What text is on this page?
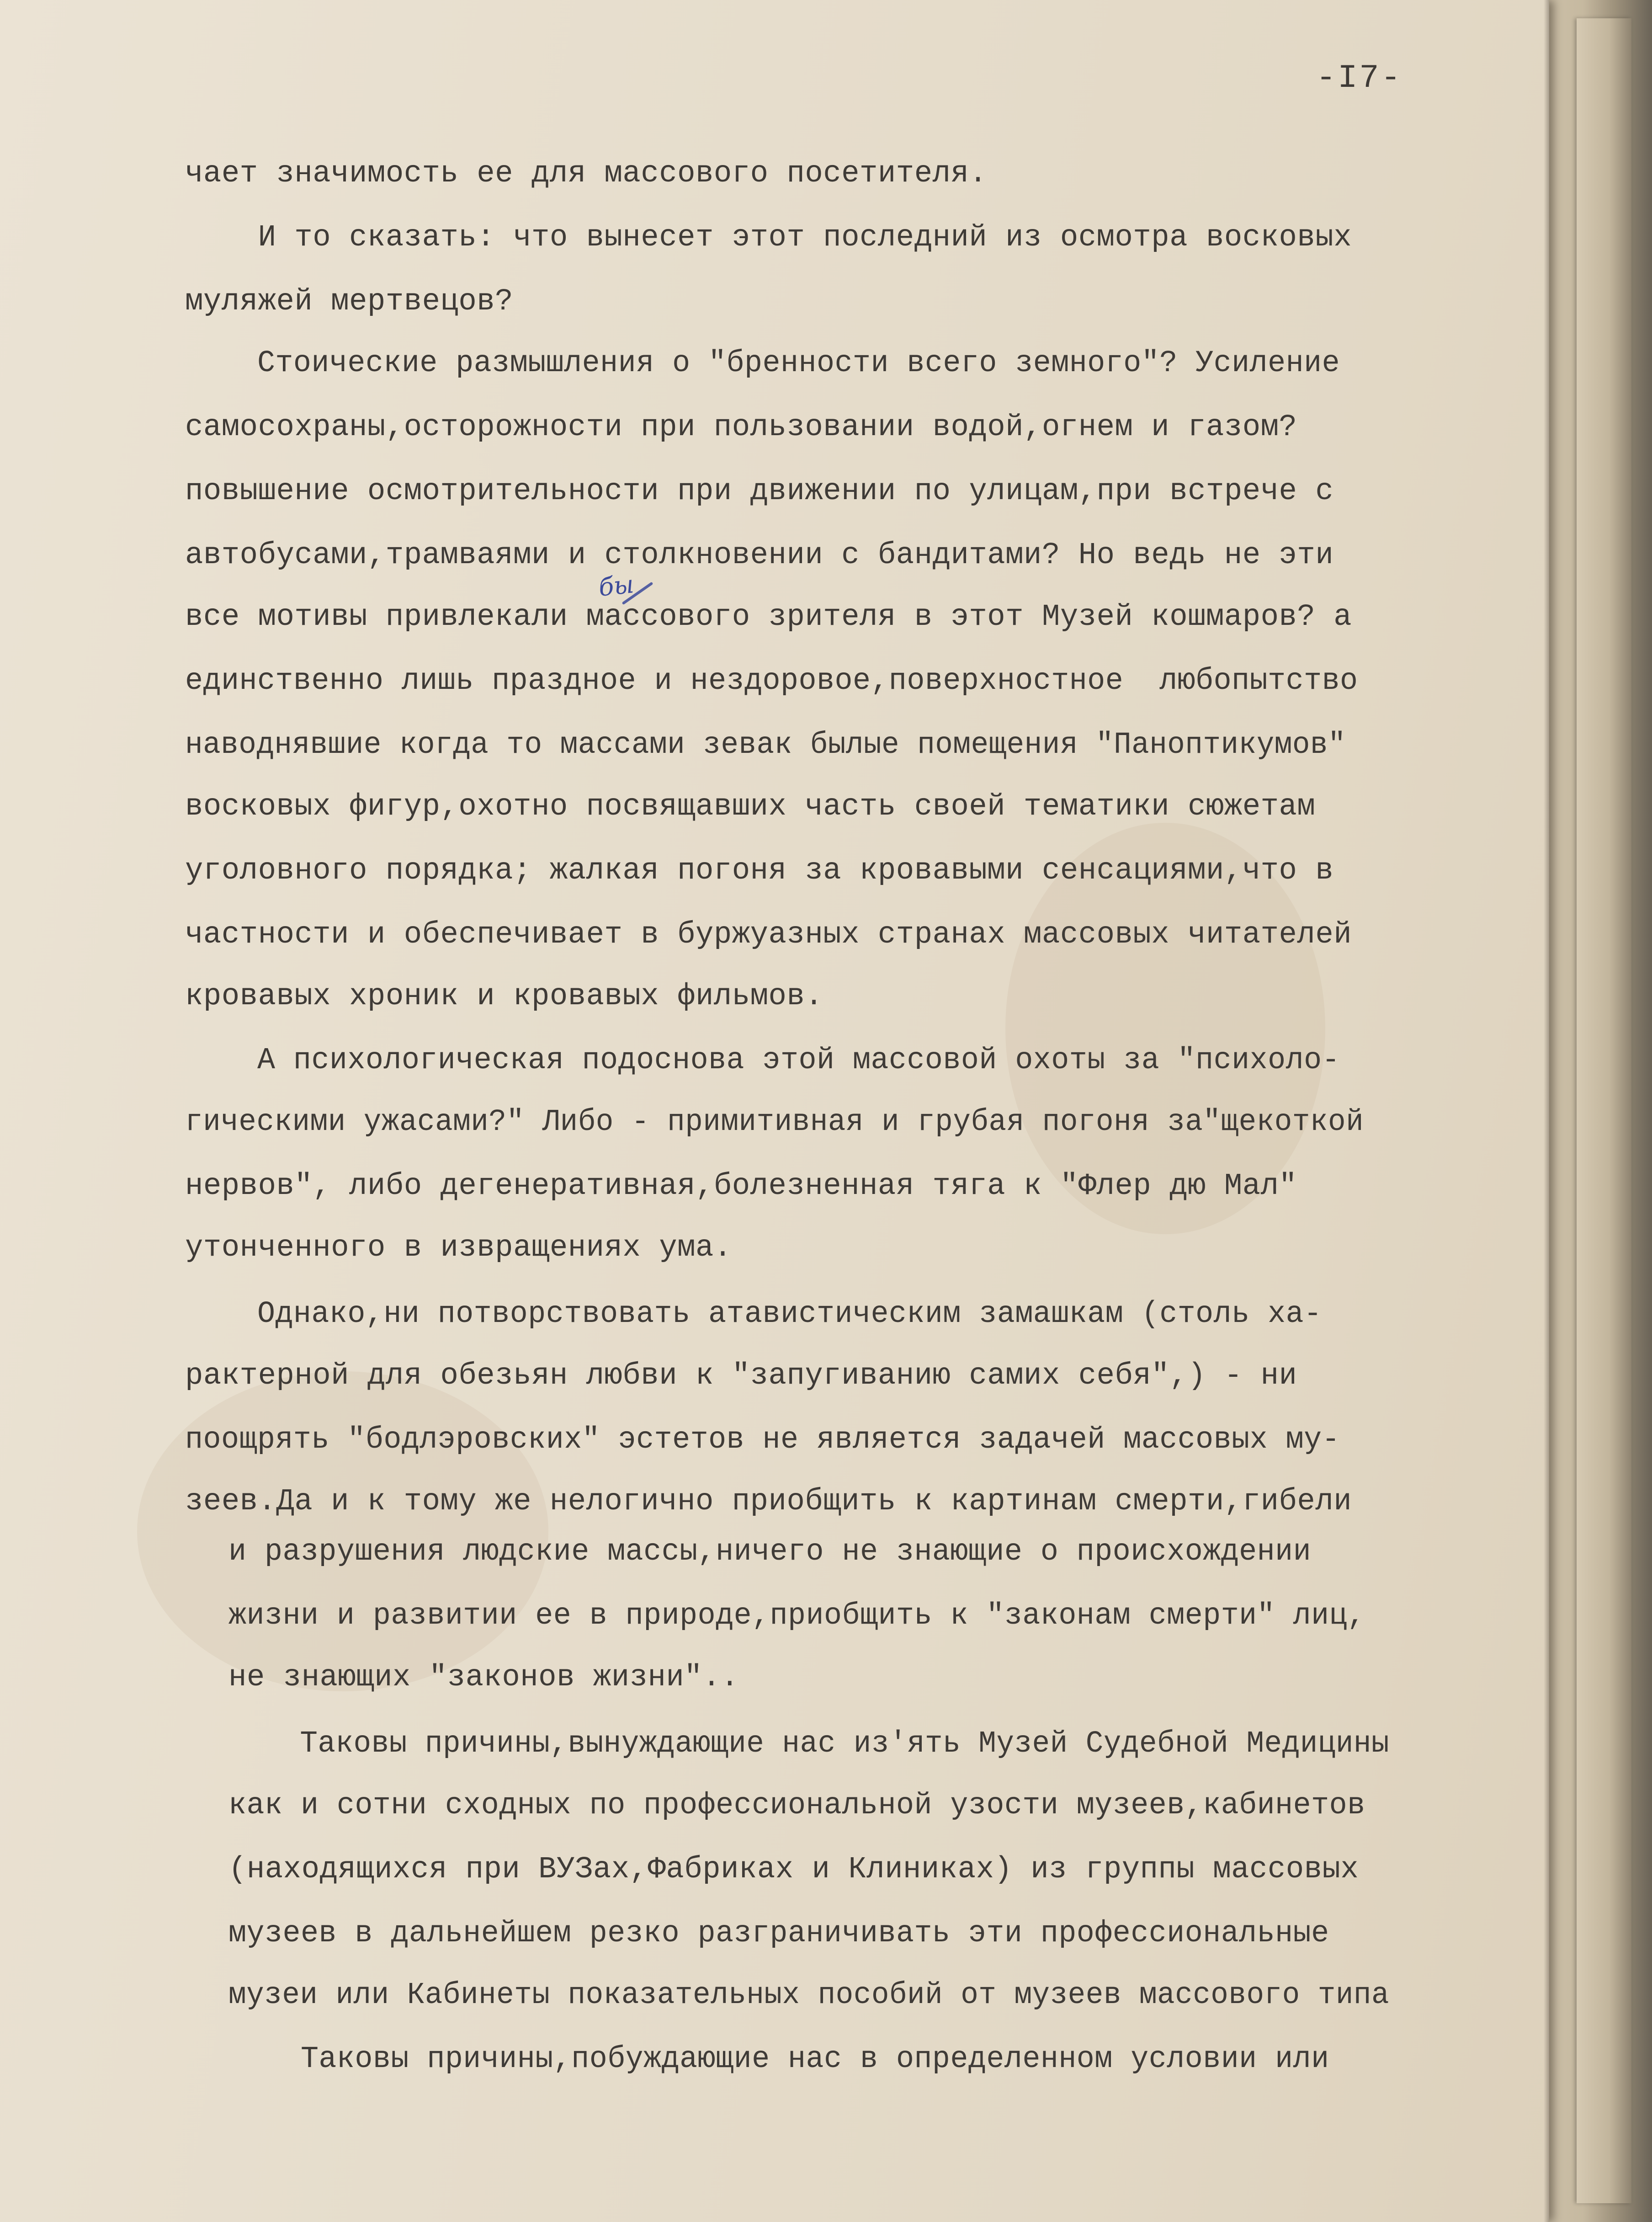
-I7-

чает значимость ее для массового посетителя.

И то сказать: что вынесет этот последний из осмотра восковых

муляжей мертвецов?

Стоические размышления о "бренности всего земного"? Усиление

самосохраны,осторожности при пользовании водой,огнем и газом?

повышение осмотрительности при движении по улицам,при встрече с

автобусами,трамваями и столкновении с бандитами? Но ведь не эти

все мотивы привлекали массового зрителя в этот Музей кошмаров? а

единственно лишь праздное и нездоровое,поверхностное  любопытство

наводнявшие когда то массами зевак былые помещения "Паноптикумов"

восковых фигур,охотно посвящавших часть своей тематики сюжетам

уголовного порядка; жалкая погоня за кровавыми сенсациями,что в

частности и обеспечивает в буржуазных странах массовых читателей

кровавых хроник и кровавых фильмов.

А психологическая подоснова этой массовой охоты за "психоло-

гическими ужасами?" Либо - примитивная и грубая погоня за"щекоткой

нервов", либо дегенеративная,болезненная тяга к "Флер дю Мал"

утонченного в извращениях ума.

Однако,ни потворствовать атавистическим замашкам (столь ха-

рактерной для обезьян любви к "запугиванию самих себя",) - ни

поощрять "бодлэровских" эстетов не является задачей массовых му-

зеев.Да и к тому же нелогично приобщить к картинам смерти,гибели

и разрушения людские массы,ничего не знающие о происхождении

жизни и развитии ее в природе,приобщить к "законам смерти" лиц,

не знающих "законов жизни"..

Таковы причины,вынуждающие нас из'ять Музей Судебной Медицины

как и сотни сходных по профессиональной узости музеев,кабинетов

(находящихся при ВУЗах,Фабриках и Клиниках) из группы массовых

музеев в дальнейшем резко разграничивать эти профессиональные

музеи или Кабинеты показательных пособий от музеев массового типа

Таковы причины,побуждающие нас в определенном условии или

бы
